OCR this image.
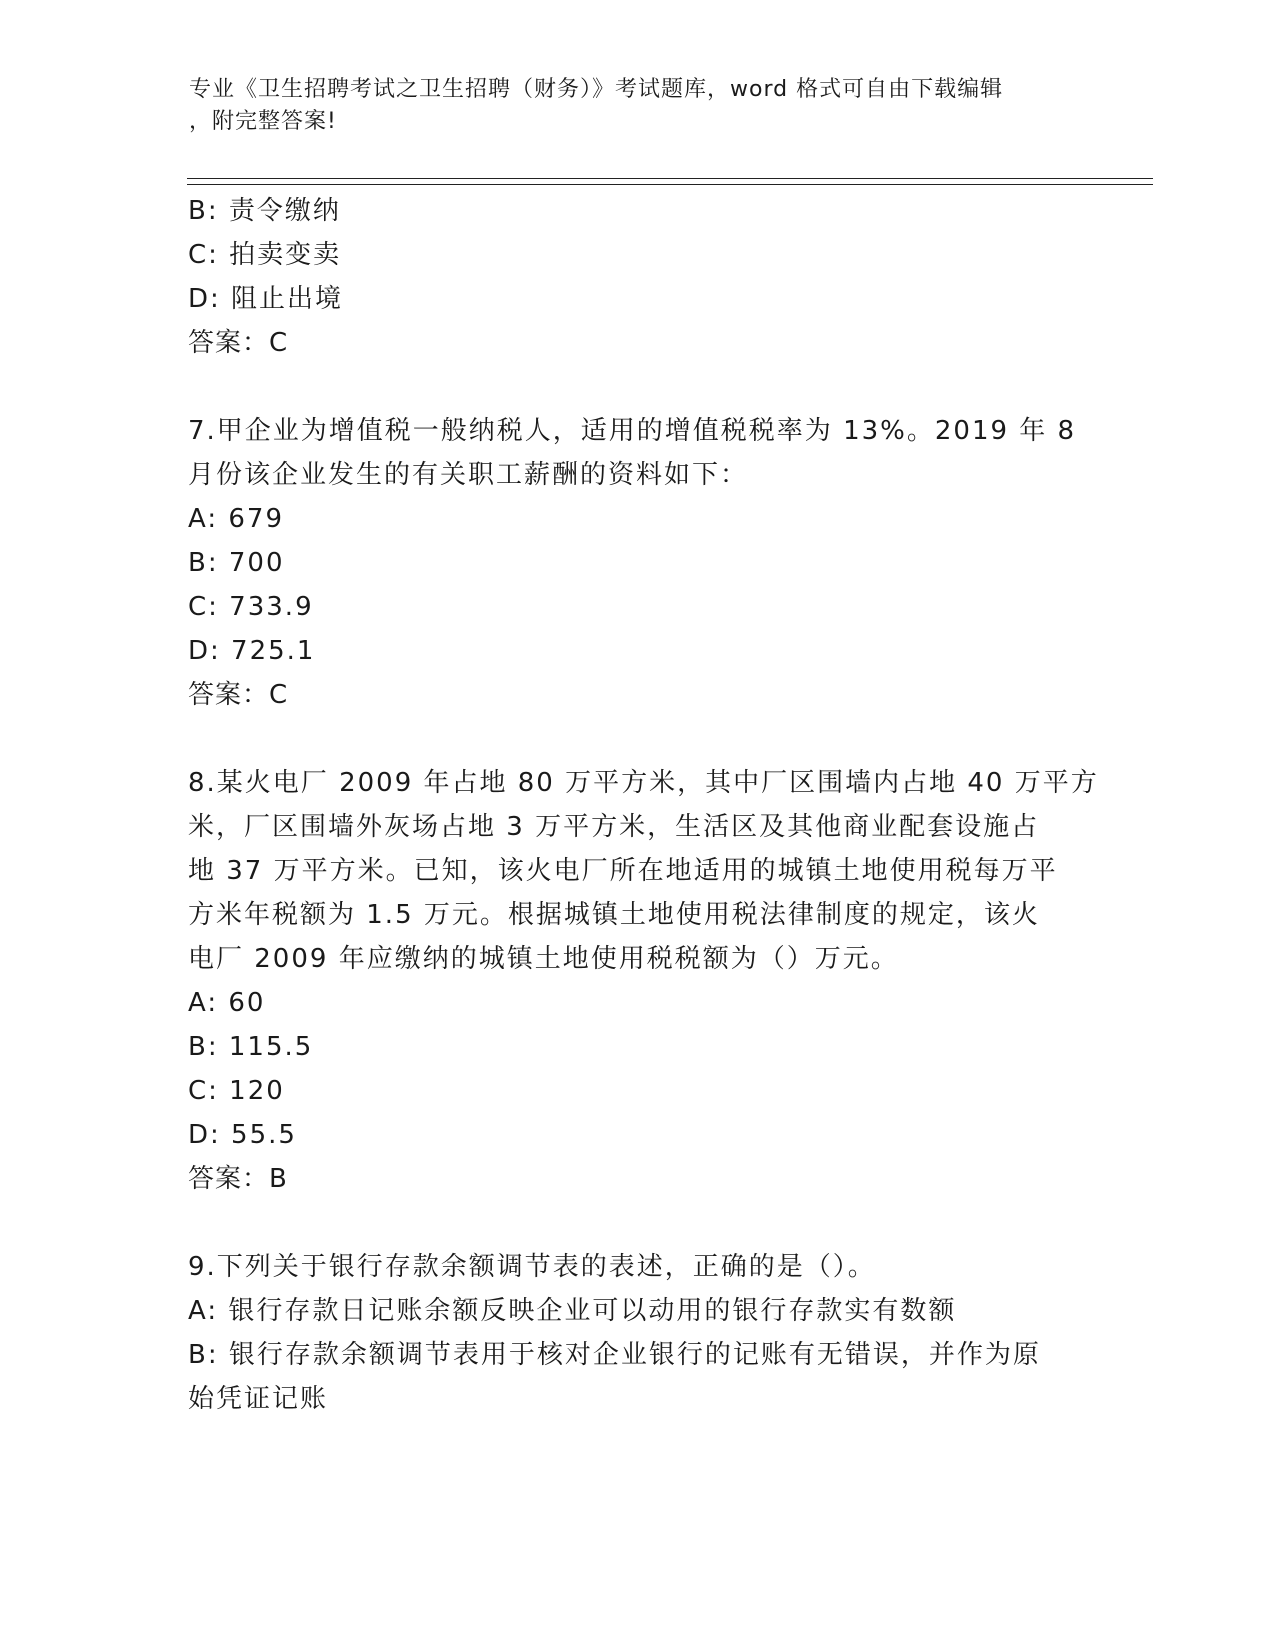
专业《卫生招聘考试之卫生招聘（财务）》考试题库，word 格式可自由下载编辑
，附完整答案!
B: 责令缴纳
C: 拍卖变卖
D: 阻止出境
答案：C
7.甲企业为增值税一般纳税人，适用的增值税税率为 13%。2019 年 8
月份该企业发生的有关职工薪酬的资料如下：
A: 679
B: 700
C: 733.9
D: 725.1
答案：C
8.某火电厂 2009 年占地 80 万平方米，其中厂区围墙内占地 40 万平方
米，厂区围墙外灰场占地 3 万平方米，生活区及其他商业配套设施占
地 37 万平方米。已知，该火电厂所在地适用的城镇土地使用税每万平
方米年税额为 1.5 万元。根据城镇土地使用税法律制度的规定，该火
电厂 2009 年应缴纳的城镇土地使用税税额为（）万元。
A: 60
B: 115.5
C: 120
D: 55.5
答案：B
9.下列关于银行存款余额调节表的表述，正确的是（）。
A: 银行存款日记账余额反映企业可以动用的银行存款实有数额
B: 银行存款余额调节表用于核对企业银行的记账有无错误，并作为原
始凭证记账
